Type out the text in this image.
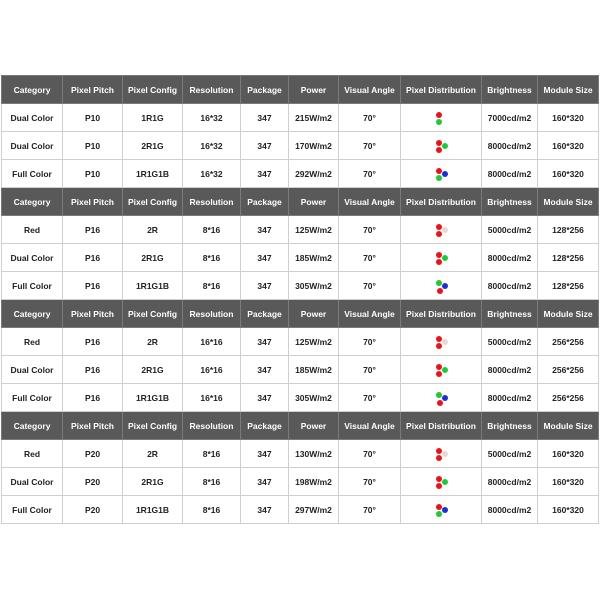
Category	Pixel Pitch	Pixel Config	Resolution	Package	Power	Visual Angle	Pixel Distribution	Brightness	Module Size
Dual Color	P10	1R1G	16*32	347	215W/m2	70°		7000cd/m2	160*320
Dual Color	P10	2R1G	16*32	347	170W/m2	70°		8000cd/m2	160*320
Full Color	P10	1R1G1B	16*32	347	292W/m2	70°		8000cd/m2	160*320
Category	Pixel Pitch	Pixel Config	Resolution	Package	Power	Visual Angle	Pixel Distribution	Brightness	Module Size
Red	P16	2R	8*16	347	125W/m2	70°		5000cd/m2	128*256
Dual Color	P16	2R1G	8*16	347	185W/m2	70°		8000cd/m2	128*256
Full Color	P16	1R1G1B	8*16	347	305W/m2	70°		8000cd/m2	128*256
Category	Pixel Pitch	Pixel Config	Resolution	Package	Power	Visual Angle	Pixel Distribution	Brightness	Module Size
Red	P16	2R	16*16	347	125W/m2	70°		5000cd/m2	256*256
Dual Color	P16	2R1G	16*16	347	185W/m2	70°		8000cd/m2	256*256
Full Color	P16	1R1G1B	16*16	347	305W/m2	70°		8000cd/m2	256*256
Category	Pixel Pitch	Pixel Config	Resolution	Package	Power	Visual Angle	Pixel Distribution	Brightness	Module Size
Red	P20	2R	8*16	347	130W/m2	70°		5000cd/m2	160*320
Dual Color	P20	2R1G	8*16	347	198W/m2	70°		8000cd/m2	160*320
Full Color	P20	1R1G1B	8*16	347	297W/m2	70°		8000cd/m2	160*320
